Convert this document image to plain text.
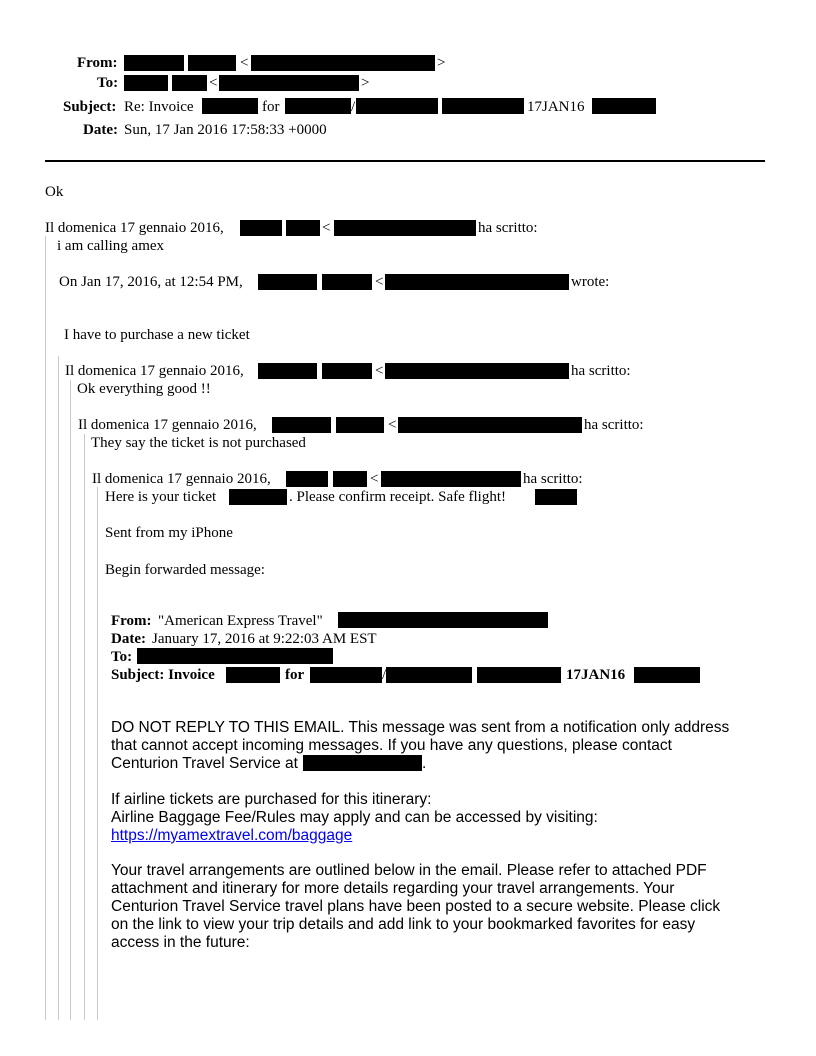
From:	<	>
To:	<	>
Subject: Re: Invoice	for	/	17JAN16
Date: Sun, 17 Jan 2016 17:58:33 +0000
Ok
Il domenica 17 gennaio 2016,	<	ha scritto:
i am calling amex
On Jan 17, 2016, at 12:54 PM,	<	wrote:
I have to purchase a new ticket
Il domenica 17 gennaio 2016,	<	ha scritto:
Ok everything good !!
Il domenica 17 gennaio 2016,	<	ha scritto:
They say the ticket is not purchased
Il domenica 17 gennaio 2016,	<	ha scritto:
Here is your ticket	. Please confirm receipt. Safe flight!
Sent from my iPhone
Begin forwarded message:
From: "American Express Travel"
Date: January 17, 2016 at 9:22:03 AM EST
To:
Subject: Invoice	for	/	17JAN16
DO NOT REPLY TO THIS EMAIL. This message was sent from a notification only address
that cannot accept incoming messages. If you have any questions, please contact
Centurion Travel Service at	.
If airline tickets are purchased for this itinerary:
Airline Baggage Fee/Rules may apply and can be accessed by visiting:
https://myamextravel.com/baggage
Your travel arrangements are outlined below in the email. Please refer to attached PDF
attachment and itinerary for more details regarding your travel arrangements. Your
Centurion Travel Service travel plans have been posted to a secure website. Please click
on the link to view your trip details and add link to your bookmarked favorites for easy
access in the future:
